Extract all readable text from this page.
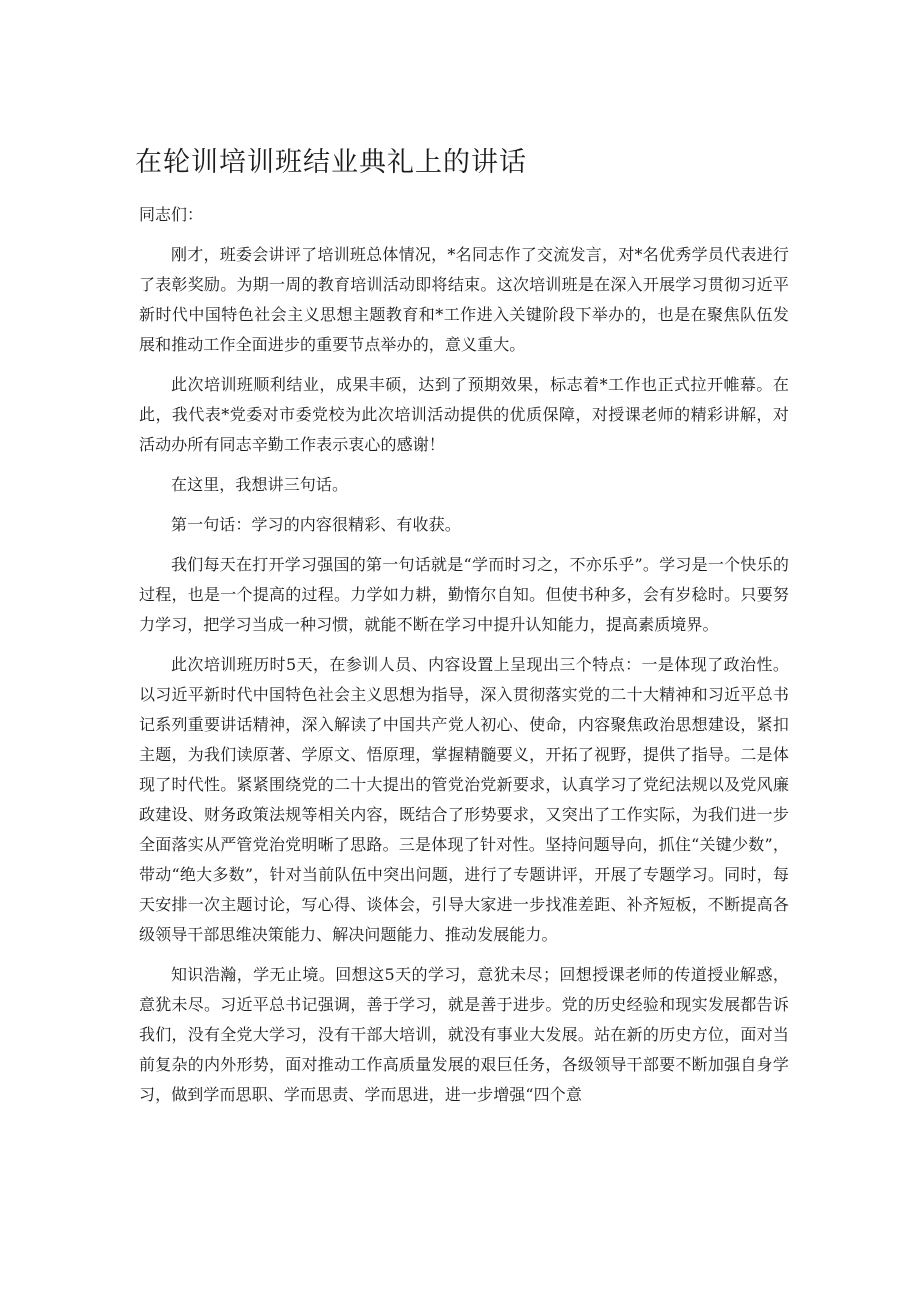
在轮训培训班结业典礼上的讲话

同志们：

刚才，班委会讲评了培训班总体情况，*名同志作了交流发言，对*名优秀学员代表进行了表彰奖励。为期一周的教育培训活动即将结束。这次培训班是在深入开展学习贯彻习近平新时代中国特色社会主义思想主题教育和*工作进入关键阶段下举办的，也是在聚焦队伍发展和推动工作全面进步的重要节点举办的，意义重大。

此次培训班顺利结业，成果丰硕，达到了预期效果，标志着*工作也正式拉开帷幕。在此，我代表*党委对市委党校为此次培训活动提供的优质保障，对授课老师的精彩讲解，对活动办所有同志辛勤工作表示衷心的感谢！

在这里，我想讲三句话。

第一句话：学习的内容很精彩、有收获。

我们每天在打开学习强国的第一句话就是“学而时习之，不亦乐乎”。学习是一个快乐的过程，也是一个提高的过程。力学如力耕，勤惰尔自知。但使书种多，会有岁稔时。只要努力学习，把学习当成一种习惯，就能不断在学习中提升认知能力，提高素质境界。

此次培训班历时5天，在参训人员、内容设置上呈现出三个特点：一是体现了政治性。以习近平新时代中国特色社会主义思想为指导，深入贯彻落实党的二十大精神和习近平总书记系列重要讲话精神，深入解读了中国共产党人初心、使命，内容聚焦政治思想建设，紧扣主题，为我们读原著、学原文、悟原理，掌握精髓要义，开拓了视野，提供了指导。二是体现了时代性。紧紧围绕党的二十大提出的管党治党新要求，认真学习了党纪法规以及党风廉政建设、财务政策法规等相关内容，既结合了形势要求，又突出了工作实际，为我们进一步全面落实从严管党治党明晰了思路。三是体现了针对性。坚持问题导向，抓住“关键少数”，带动“绝大多数”，针对当前队伍中突出问题，进行了专题讲评，开展了专题学习。同时，每天安排一次主题讨论，写心得、谈体会，引导大家进一步找准差距、补齐短板，不断提高各级领导干部思维决策能力、解决问题能力、推动发展能力。

知识浩瀚，学无止境。回想这5天的学习，意犹未尽；回想授课老师的传道授业解惑，意犹未尽。习近平总书记强调，善于学习，就是善于进步。党的历史经验和现实发展都告诉我们，没有全党大学习，没有干部大培训，就没有事业大发展。站在新的历史方位，面对当前复杂的内外形势，面对推动工作高质量发展的艰巨任务，各级领导干部要不断加强自身学习，做到学而思职、学而思责、学而思进，进一步增强“四个意
